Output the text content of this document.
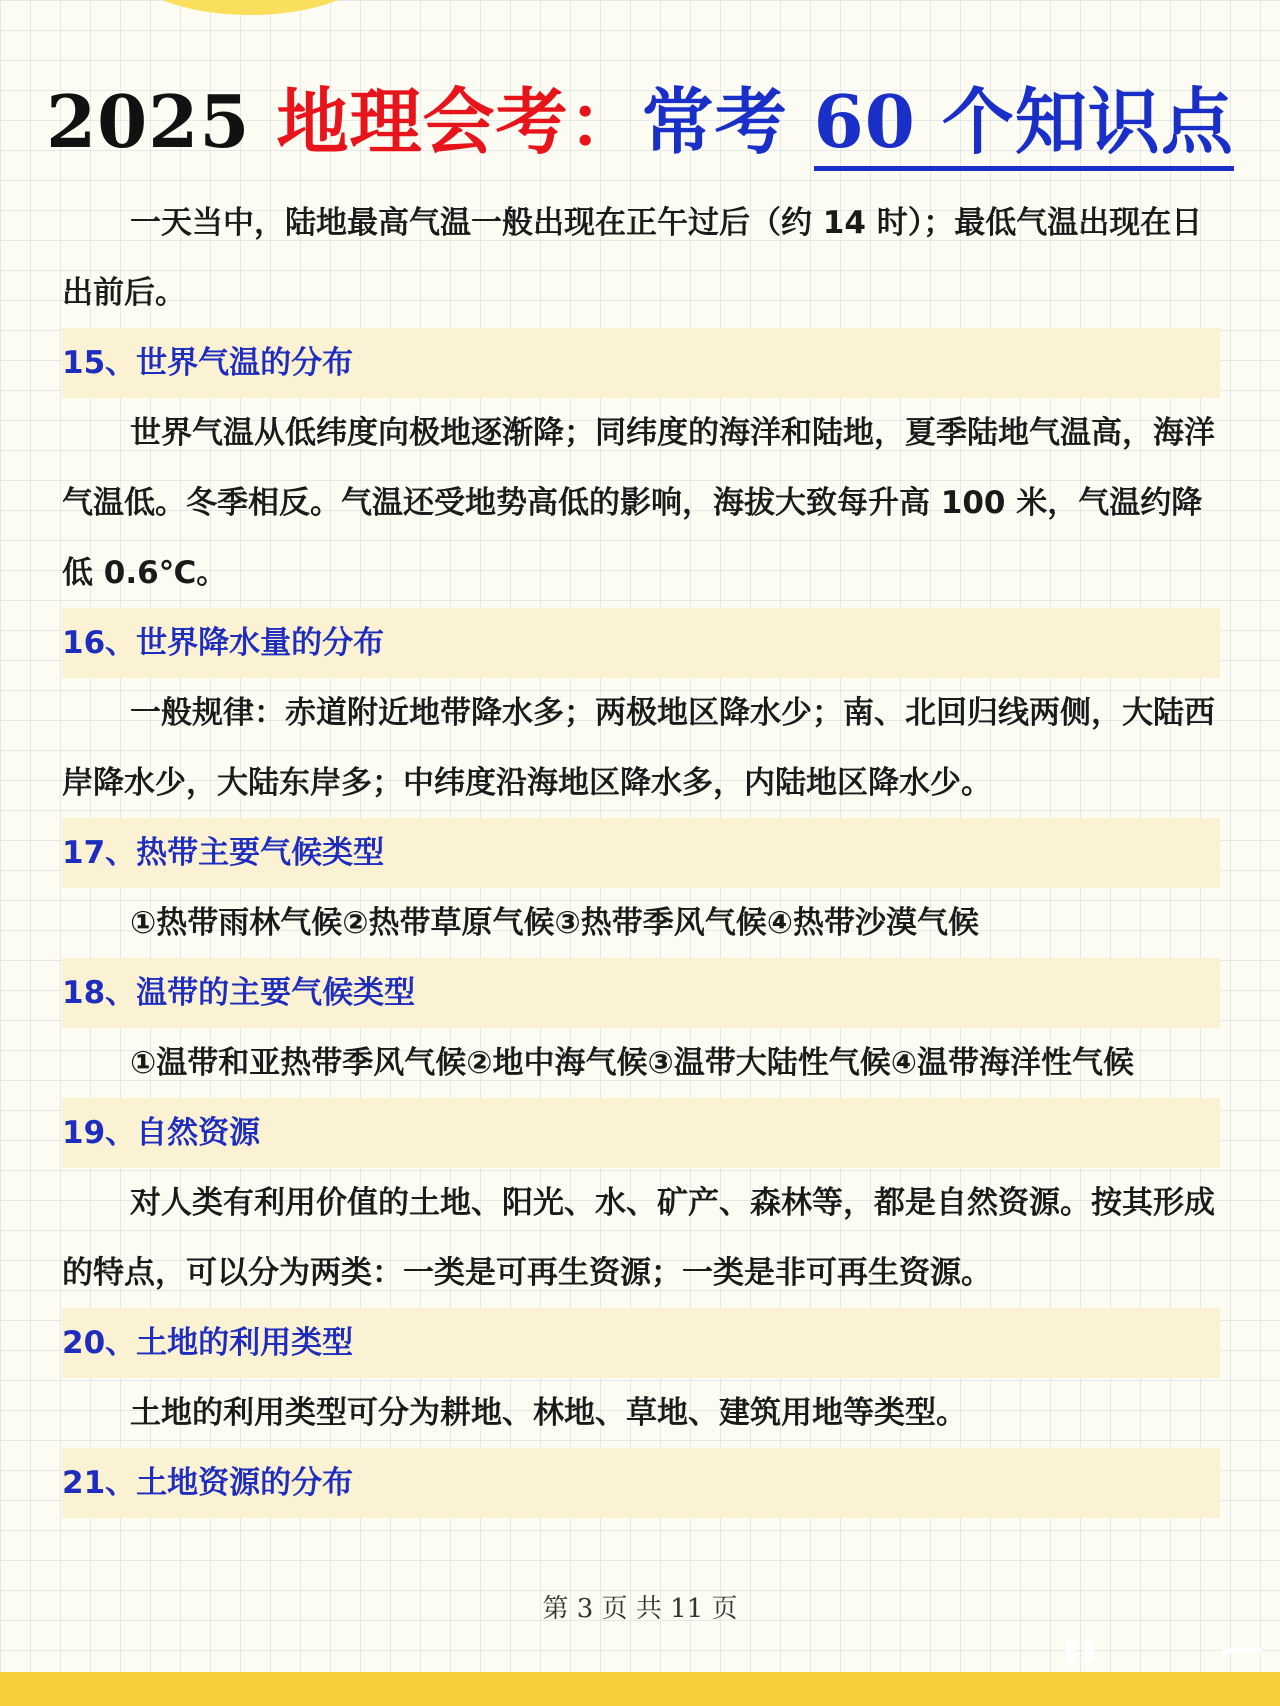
2025 地理会考：常考 60 个知识点

一天当中，陆地最高气温一般出现在正午过后（约 14 时）；最低气温出现在日出前后。

15、世界气温的分布

世界气温从低纬度向极地逐渐降；同纬度的海洋和陆地，夏季陆地气温高，海洋气温低。冬季相反。气温还受地势高低的影响，海拔大致每升高 100 米，气温约降低 0.6℃。

16、世界降水量的分布

一般规律：赤道附近地带降水多；两极地区降水少；南、北回归线两侧，大陆西岸降水少，大陆东岸多；中纬度沿海地区降水多，内陆地区降水少。

17、热带主要气候类型

①热带雨林气候②热带草原气候③热带季风气候④热带沙漠气候

18、温带的主要气候类型

①温带和亚热带季风气候②地中海气候③温带大陆性气候④温带海洋性气候

19、自然资源

对人类有利用价值的土地、阳光、水、矿产、森林等，都是自然资源。按其形成的特点，可以分为两类：一类是可再生资源；一类是非可再生资源。

20、土地的利用类型

土地的利用类型可分为耕地、林地、草地、建筑用地等类型。

21、土地资源的分布
第 3 页 共 11 页
